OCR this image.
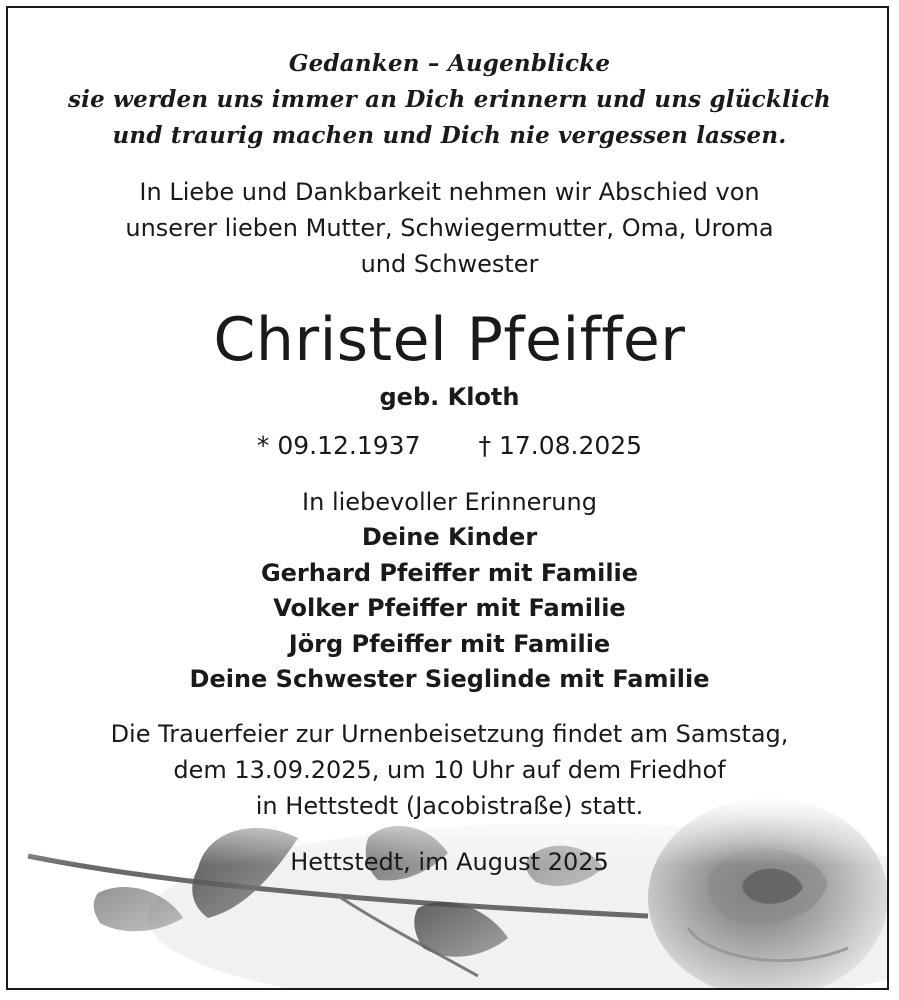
Gedanken – Augenblicke
sie werden uns immer an Dich erinnern und uns glücklich
und traurig machen und Dich nie vergessen lassen.
In Liebe und Dankbarkeit nehmen wir Abschied von
unserer lieben Mutter, Schwiegermutter, Oma, Uroma
und Schwester
Christel Pfeiffer
geb. Kloth
* 09.12.1937 † 17.08.2025
In liebevoller Erinnerung
Deine Kinder
Gerhard Pfeiffer mit Familie
Volker Pfeiffer mit Familie
Jörg Pfeiffer mit Familie
Deine Schwester Sieglinde mit Familie
Die Trauerfeier zur Urnenbeisetzung findet am Samstag,
dem 13.09.2025, um 10 Uhr auf dem Friedhof
in Hettstedt (Jacobistraße) statt.
Hettstedt, im August 2025
